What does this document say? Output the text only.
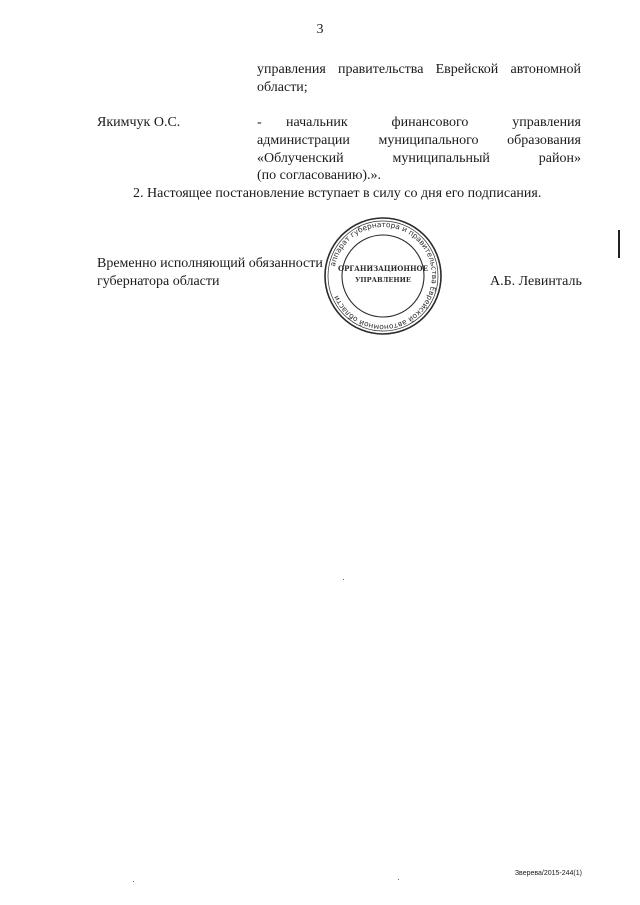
3
управления правительства Еврейской автономной
области;
Якимчук О.С.	- начальник	финансового	управления
администрации муниципального образования
«Облученский	муниципальный	район»
(по согласованию).».
2. Настоящее постановление вступает в силу со дня его подписания.
аппарат губернатора и правительства Еврейской автономной области
ОРГАНИЗАЦИОННОЕ
УПРАВЛЕНИЕ
Временно исполняющий обязанности
губернатора области	А.Б. Левинталь
Зверева/2015-244(1)
